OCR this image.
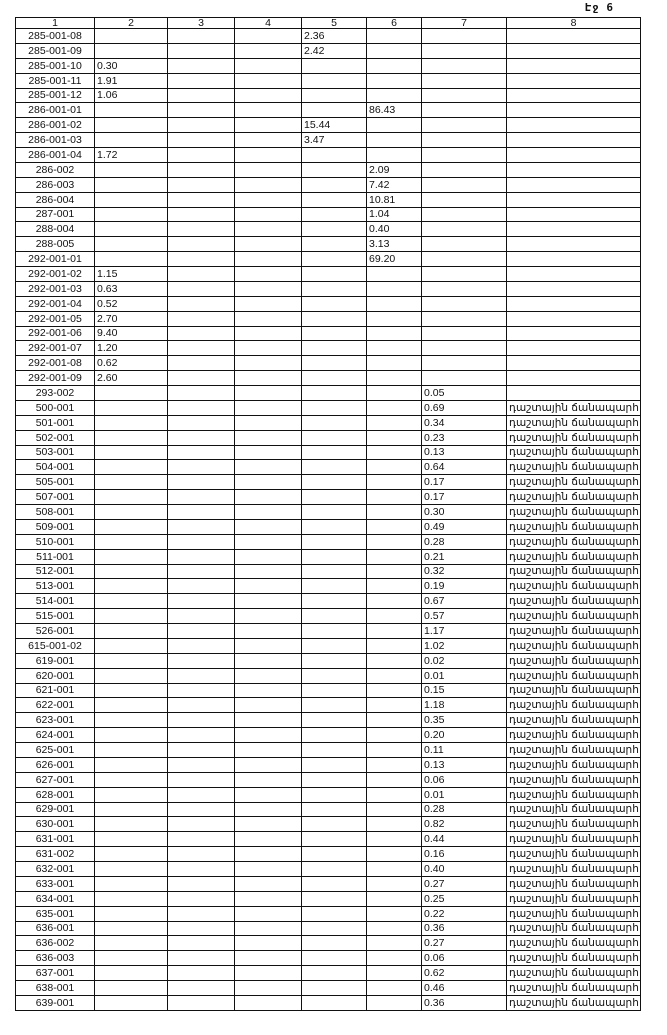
Էջ 6
1	2	3	4	5	6	7	8
285-001-08				2.36			
285-001-09				2.42			
285-001-10	0.30						
285-001-11	1.91						
285-001-12	1.06						
286-001-01					86.43		
286-001-02				15.44			
286-001-03				3.47			
286-001-04	1.72						
286-002					2.09		
286-003					7.42		
286-004					10.81		
287-001					1.04		
288-004					0.40		
288-005					3.13		
292-001-01					69.20		
292-001-02	1.15						
292-001-03	0.63						
292-001-04	0.52						
292-001-05	2.70						
292-001-06	9.40						
292-001-07	1.20						
292-001-08	0.62						
292-001-09	2.60						
293-002						0.05	
500-001						0.69	դաշտային ճանապարհ
501-001						0.34	դաշտային ճանապարհ
502-001						0.23	դաշտային ճանապարհ
503-001						0.13	դաշտային ճանապարհ
504-001						0.64	դաշտային ճանապարհ
505-001						0.17	դաշտային ճանապարհ
507-001						0.17	դաշտային ճանապարհ
508-001						0.30	դաշտային ճանապարհ
509-001						0.49	դաշտային ճանապարհ
510-001						0.28	դաշտային ճանապարհ
511-001						0.21	դաշտային ճանապարհ
512-001						0.32	դաշտային ճանապարհ
513-001						0.19	դաշտային ճանապարհ
514-001						0.67	դաշտային ճանապարհ
515-001						0.57	դաշտային ճանապարհ
526-001						1.17	դաշտային ճանապարհ
615-001-02						1.02	դաշտային ճանապարհ
619-001						0.02	դաշտային ճանապարհ
620-001						0.01	դաշտային ճանապարհ
621-001						0.15	դաշտային ճանապարհ
622-001						1.18	դաշտային ճանապարհ
623-001						0.35	դաշտային ճանապարհ
624-001						0.20	դաշտային ճանապարհ
625-001						0.11	դաշտային ճանապարհ
626-001						0.13	դաշտային ճանապարհ
627-001						0.06	դաշտային ճանապարհ
628-001						0.01	դաշտային ճանապարհ
629-001						0.28	դաշտային ճանապարհ
630-001						0.82	դաշտային ճանապարհ
631-001						0.44	դաշտային ճանապարհ
631-002						0.16	դաշտային ճանապարհ
632-001						0.40	դաշտային ճանապարհ
633-001						0.27	դաշտային ճանապարհ
634-001						0.25	դաշտային ճանապարհ
635-001						0.22	դաշտային ճանապարհ
636-001						0.36	դաշտային ճանապարհ
636-002						0.27	դաշտային ճանապարհ
636-003						0.06	դաշտային ճանապարհ
637-001						0.62	դաշտային ճանապարհ
638-001						0.46	դաշտային ճանապարհ
639-001						0.36	դաշտային ճանապարհ
